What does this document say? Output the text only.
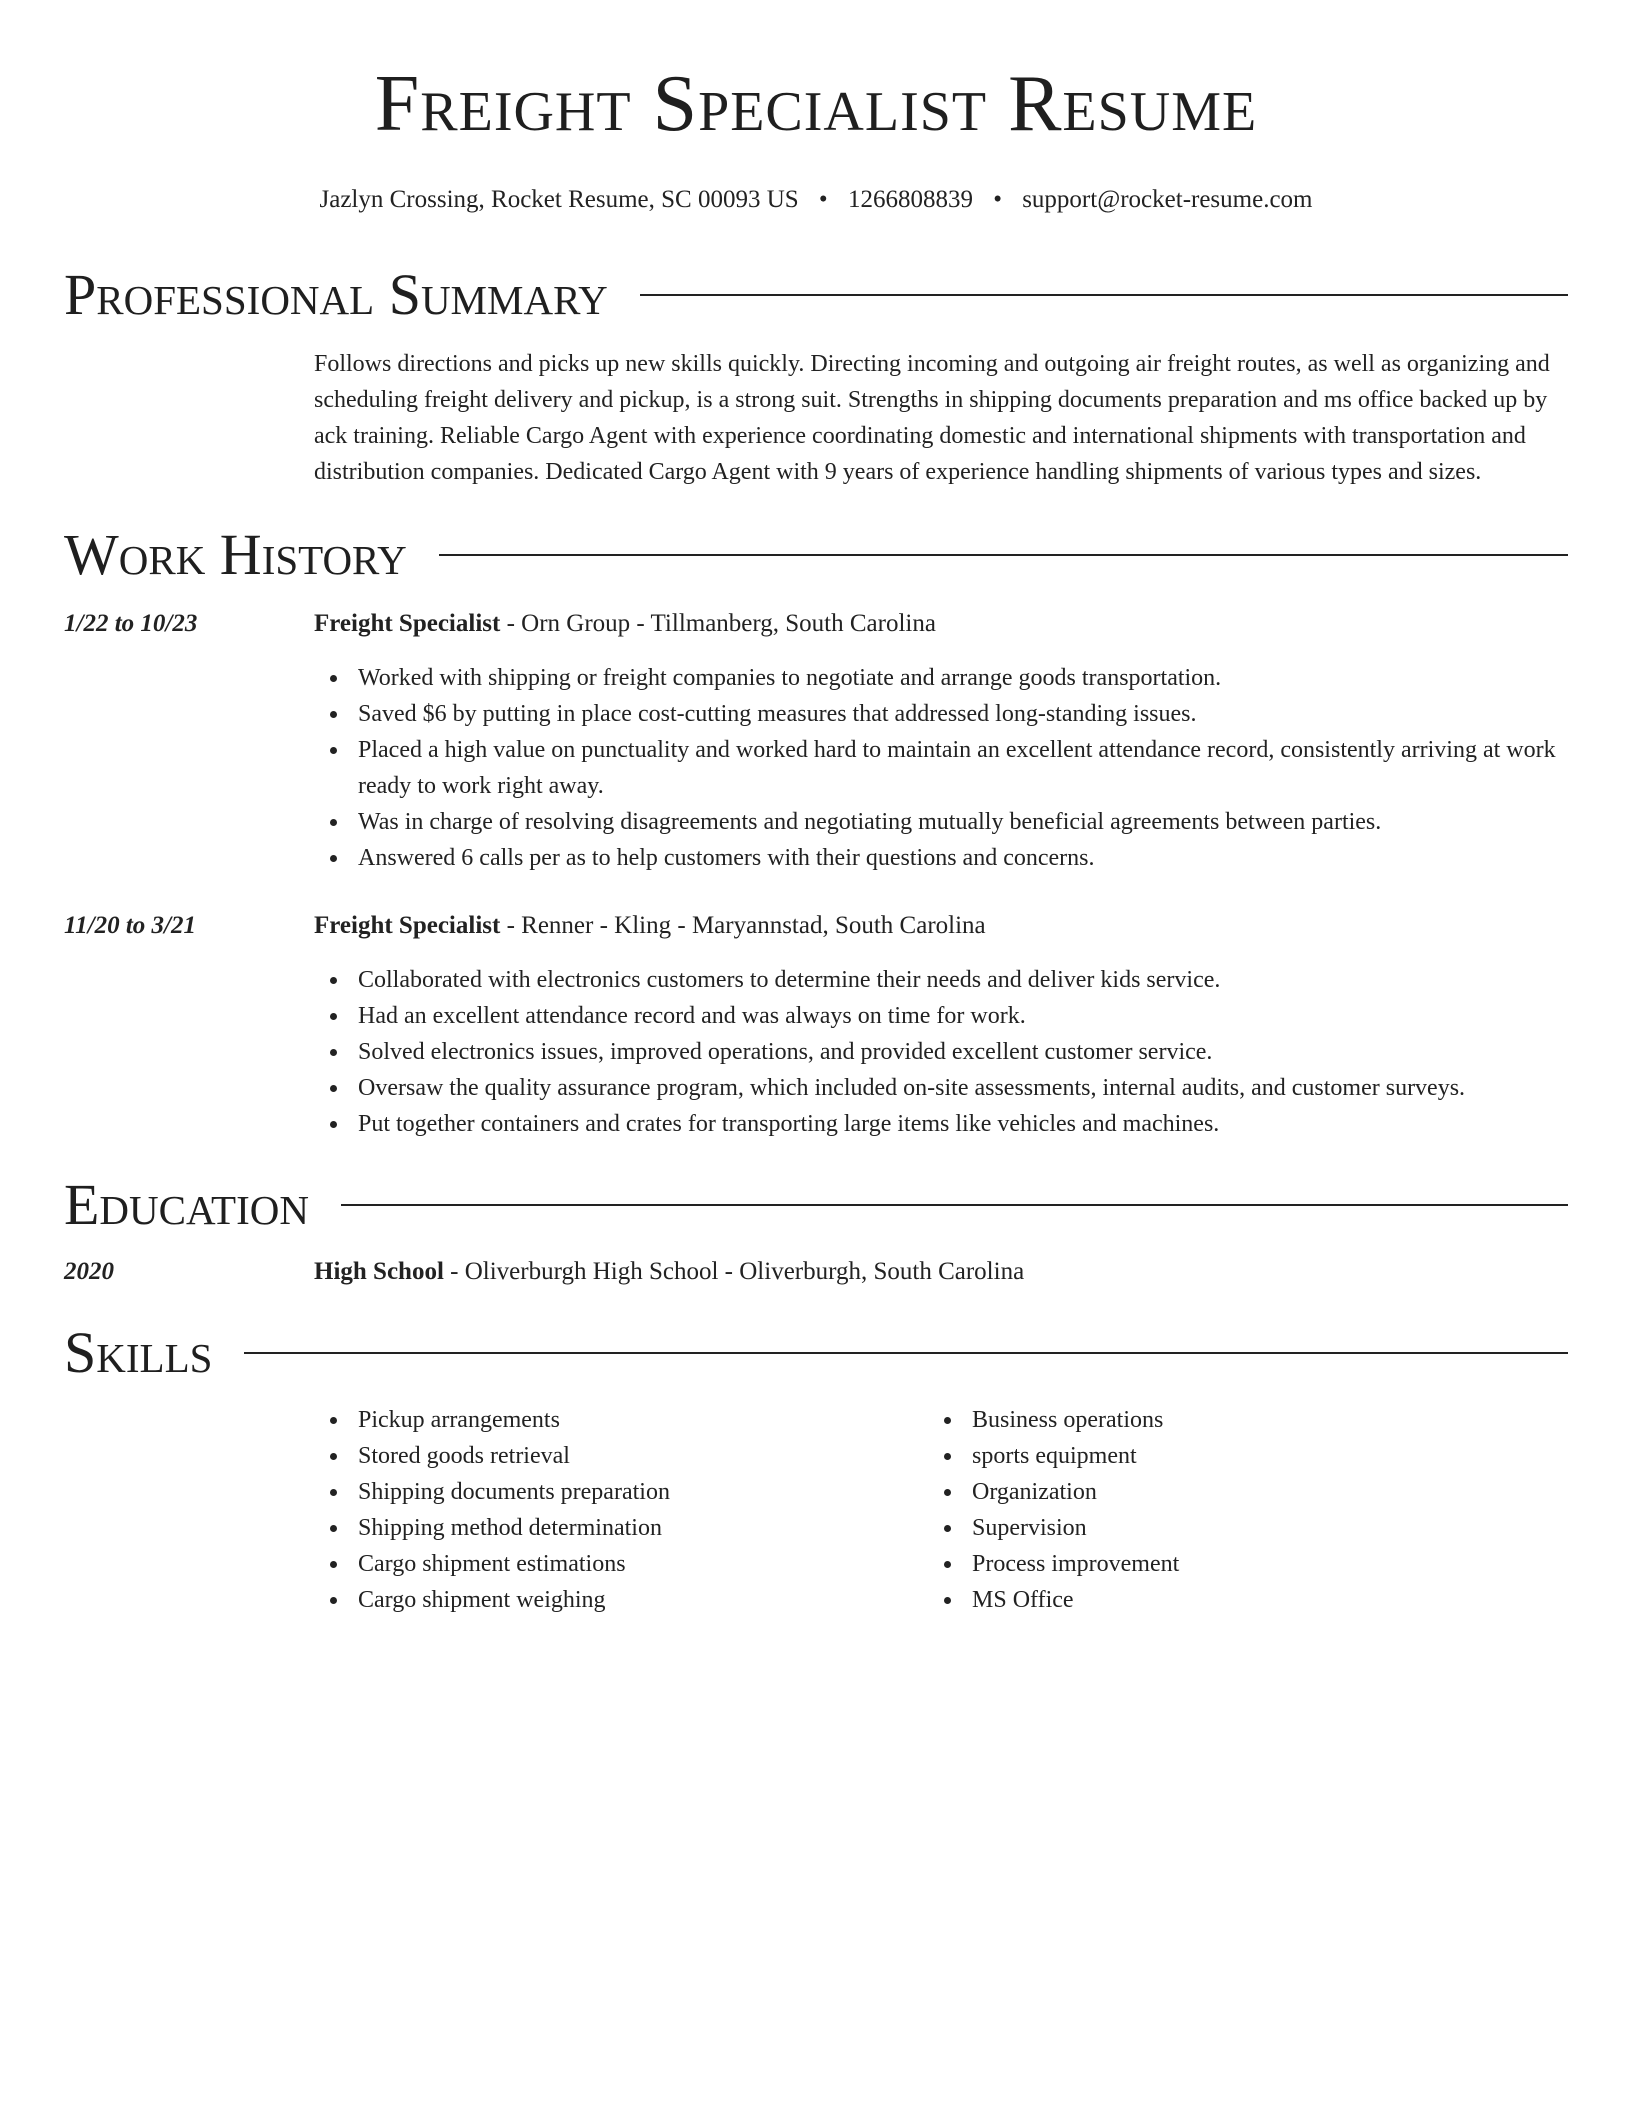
Freight Specialist Resume
Jazlyn Crossing, Rocket Resume, SC 00093 US • 1266808839 • support@rocket-resume.com
Professional Summary
Follows directions and picks up new skills quickly. Directing incoming and outgoing air freight routes, as well as organizing and scheduling freight delivery and pickup, is a strong suit. Strengths in shipping documents preparation and ms office backed up by ack training. Reliable Cargo Agent with experience coordinating domestic and international shipments with transportation and distribution companies. Dedicated Cargo Agent with 9 years of experience handling shipments of various types and sizes.
Work History
1/22 to 10/23	Freight Specialist - Orn Group - Tillmanberg, South Carolina
Worked with shipping or freight companies to negotiate and arrange goods transportation.
Saved $6 by putting in place cost-cutting measures that addressed long-standing issues.
Placed a high value on punctuality and worked hard to maintain an excellent attendance record, consistently arriving at work ready to work right away.
Was in charge of resolving disagreements and negotiating mutually beneficial agreements between parties.
Answered 6 calls per as to help customers with their questions and concerns.
11/20 to 3/21	Freight Specialist - Renner - Kling - Maryannstad, South Carolina
Collaborated with electronics customers to determine their needs and deliver kids service.
Had an excellent attendance record and was always on time for work.
Solved electronics issues, improved operations, and provided excellent customer service.
Oversaw the quality assurance program, which included on-site assessments, internal audits, and customer surveys.
Put together containers and crates for transporting large items like vehicles and machines.
Education
2020	High School - Oliverburgh High School - Oliverburgh, South Carolina
Skills
Pickup arrangements
Stored goods retrieval
Shipping documents preparation
Shipping method determination
Cargo shipment estimations
Cargo shipment weighing
Business operations
sports equipment
Organization
Supervision
Process improvement
MS Office
